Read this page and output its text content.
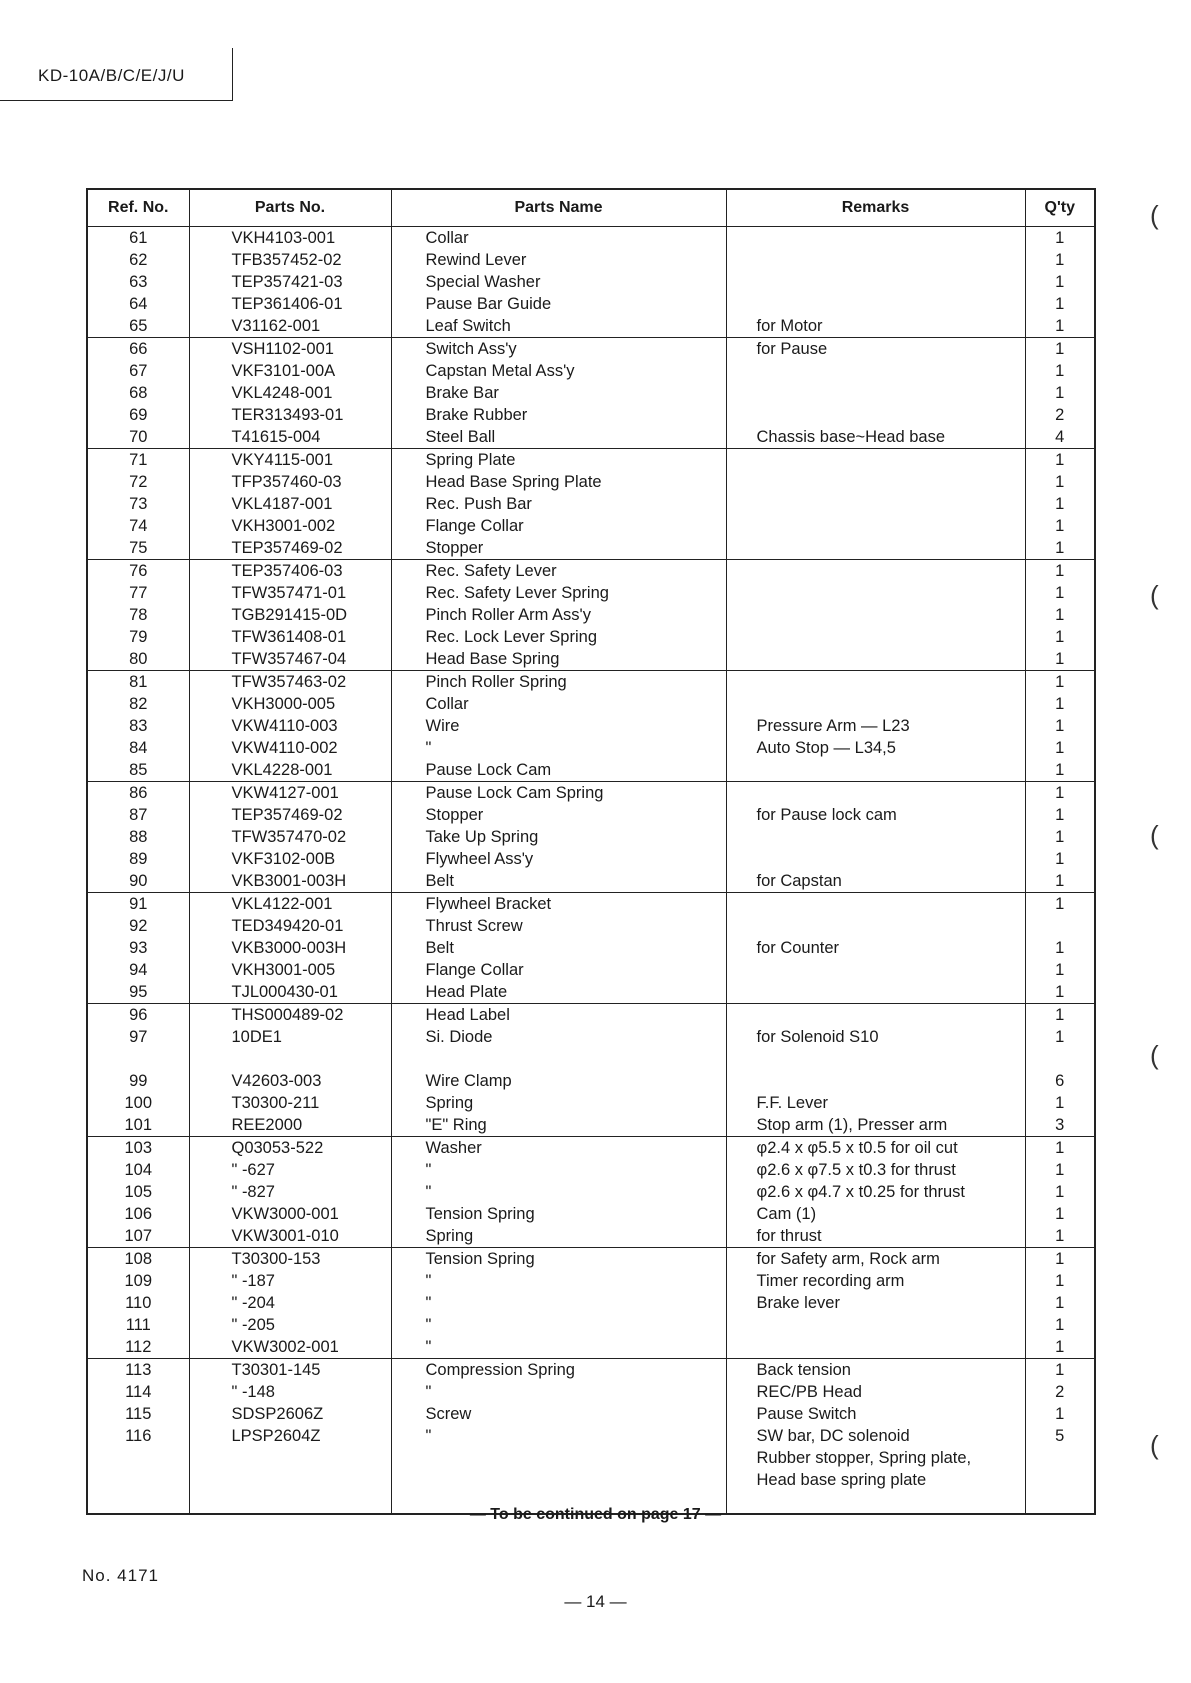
KD-10A/B/C/E/J/U
Ref. No.	Parts No.	Parts Name	Remarks	Q'ty
61	VKH4103-001	Collar		1
62	TFB357452-02	Rewind Lever		1
63	TEP357421-03	Special Washer		1
64	TEP361406-01	Pause Bar Guide		1
65	V31162-001	Leaf Switch	for Motor	1
66	VSH1102-001	Switch Ass'y	for Pause	1
67	VKF3101-00A	Capstan Metal Ass'y		1
68	VKL4248-001	Brake Bar		1
69	TER313493-01	Brake Rubber		2
70	T41615-004	Steel Ball	Chassis base~Head base	4
71	VKY4115-001	Spring Plate		1
72	TFP357460-03	Head Base Spring Plate		1
73	VKL4187-001	Rec. Push Bar		1
74	VKH3001-002	Flange Collar		1
75	TEP357469-02	Stopper		1
76	TEP357406-03	Rec. Safety Lever		1
77	TFW357471-01	Rec. Safety Lever Spring		1
78	TGB291415-0D	Pinch Roller Arm Ass'y		1
79	TFW361408-01	Rec. Lock Lever Spring		1
80	TFW357467-04	Head Base Spring		1
81	TFW357463-02	Pinch Roller Spring		1
82	VKH3000-005	Collar		1
83	VKW4110-003	Wire	Pressure Arm — L23	1
84	VKW4110-002	"	Auto Stop — L34,5	1
85	VKL4228-001	Pause Lock Cam		1
86	VKW4127-001	Pause Lock Cam Spring		1
87	TEP357469-02	Stopper	for Pause lock cam	1
88	TFW357470-02	Take Up Spring		1
89	VKF3102-00B	Flywheel Ass'y		1
90	VKB3001-003H	Belt	for Capstan	1
91	VKL4122-001	Flywheel Bracket		1
92	TED349420-01	Thrust Screw		
93	VKB3000-003H	Belt	for Counter	1
94	VKH3001-005	Flange Collar		1
95	TJL000430-01	Head Plate		1
96	THS000489-02	Head Label		1
97	10DE1	Si. Diode	for Solenoid S10	1

99	V42603-003	Wire Clamp		6
100	T30300-211	Spring	F.F. Lever	1
101	REE2000	"E" Ring	Stop arm (1), Presser arm	3
103	Q03053-522	Washer	φ2.4 x φ5.5 x t0.5 for oil cut	1
104	" -627	"	φ2.6 x φ7.5 x t0.3 for thrust	1
105	" -827	"	φ2.6 x φ4.7 x t0.25 for thrust	1
106	VKW3000-001	Tension Spring	Cam (1)	1
107	VKW3001-010	Spring	for thrust	1
108	T30300-153	Tension Spring	for Safety arm, Rock arm	1
109	" -187	"	Timer recording arm	1
110	" -204	"	Brake lever	1
111	" -205	"		1
112	VKW3002-001	"		1
113	T30301-145	Compression Spring	Back tension	1
114	" -148	"	REC/PB Head	2
115	SDSP2606Z	Screw	Pause Switch	1
116	LPSP2604Z	"	SW bar, DC solenoid	5
			Rubber stopper, Spring plate,	
			Head base spring plate	

— To be continued on page 17 —
No. 4171
— 14 —
(
(
(
(
(
